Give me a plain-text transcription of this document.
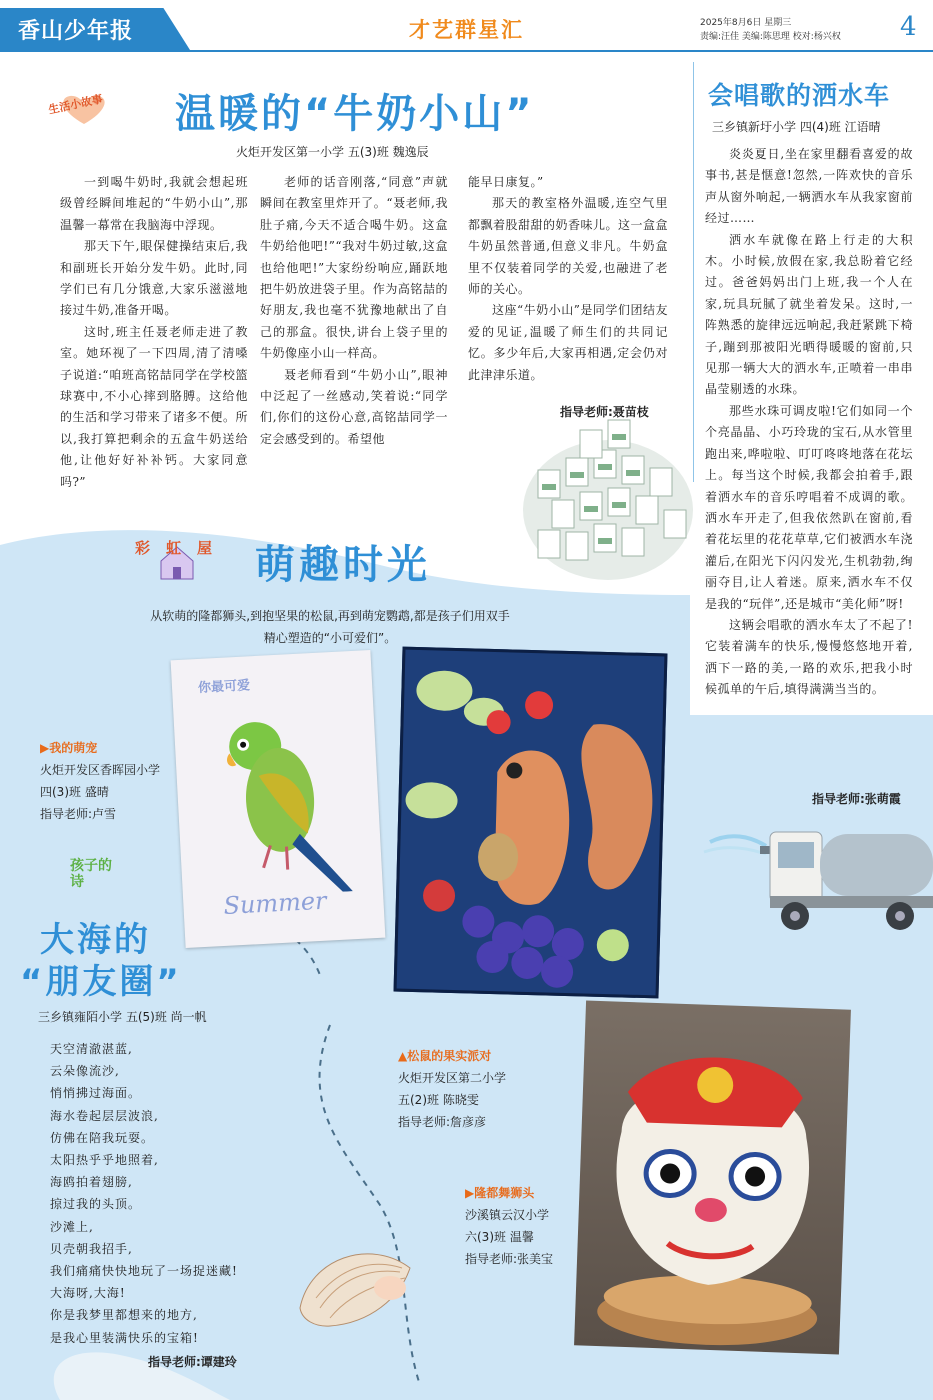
香山少年报	才艺群星汇	2025年8月6日 星期三
责编:汪佳 美编:陈思理 校对:杨兴权 4
生活小故事 温暖的“牛奶小山”
火炬开发区第一小学 五(3)班 魏逸辰

一到喝牛奶时,我就会想起班级曾经瞬间堆起的“牛奶小山”,那温馨一幕常在我脑海中浮现。

那天下午,眼保健操结束后,我和副班长开始分发牛奶。此时,同学们已有几分饿意,大家乐滋滋地接过牛奶,准备开喝。

这时,班主任聂老师走进了教室。她环视了一下四周,清了清嗓子说道:“咱班高铭喆同学在学校篮球赛中,不小心摔到胳膊。这给他的生活和学习带来了诸多不便。所以,我打算把剩余的五盒牛奶送给他,让他好好补补钙。大家同意吗?”

老师的话音刚落,“同意”声就瞬间在教室里炸开了。“聂老师,我肚子痛,今天不适合喝牛奶。这盒牛奶给他吧!”“我对牛奶过敏,这盒也给他吧!”大家纷纷响应,踊跃地把牛奶放进袋子里。作为高铭喆的好朋友,我也毫不犹豫地献出了自己的那盒。很快,讲台上袋子里的牛奶像座小山一样高。

聂老师看到“牛奶小山”,眼神中泛起了一丝感动,笑着说:“同学们,你们的这份心意,高铭喆同学一定会感受到的。希望他

能早日康复。”

那天的教室格外温暖,连空气里都飘着股甜甜的奶香味儿。这一盒盒牛奶虽然普通,但意义非凡。牛奶盒里不仅装着同学的关爱,也融进了老师的关心。

这座“牛奶小山”是同学们团结友爱的见证,温暖了师生们的共同记忆。多少年后,大家再相遇,定会仍对此津津乐道。

指导老师:聂苗枝
会唱歌的洒水车
三乡镇新圩小学 四(4)班 江语晴

炎炎夏日,坐在家里翻看喜爱的故事书,甚是惬意!忽然,一阵欢快的音乐声从窗外响起,一辆洒水车从我家窗前经过……

洒水车就像在路上行走的大积木。小时候,放假在家,我总盼着它经过。爸爸妈妈出门上班,我一个人在家,玩具玩腻了就坐着发呆。这时,一阵熟悉的旋律远远响起,我赶紧跳下椅子,蹦到那被阳光晒得暖暖的窗前,只见那一辆大大的洒水车,正喷着一串串晶莹剔透的水珠。

那些水珠可调皮啦!它们如同一个个亮晶晶、小巧玲珑的宝石,从水管里跑出来,哗啦啦、叮叮咚咚地落在花坛上。每当这个时候,我都会拍着手,跟着洒水车的音乐哼唱着不成调的歌。洒水车开走了,但我依然趴在窗前,看着花坛里的花花草草,它们被洒水车浇灌后,在阳光下闪闪发光,生机勃勃,绚丽夺目,让人着迷。原来,洒水车不仅是我的“玩伴”,还是城市“美化师”呀!

这辆会唱歌的洒水车太了不起了!它装着满车的快乐,慢慢悠悠地开着,洒下一路的美,一路的欢乐,把我小时候孤单的午后,填得满满当当的。

指导老师:张萌霞
彩虹屋 萌趣时光
从软萌的隆都狮头,到抱坚果的松鼠,再到萌宠鹦鹉,都是孩子们用双手精心塑造的“小可爱们”。
你最可爱
Summer
▶我的萌宠
火炬开发区香晖园小学
四(3)班 盛晴
指导老师:卢雪
▲松鼠的果实派对
火炬开发区第二小学
五(2)班 陈晓雯
指导老师:詹彦彦
▶隆都舞狮头
沙溪镇云汉小学
六(3)班 温馨
指导老师:张美宝
孩子的诗
大海的
“朋友圈”
三乡镇雍陌小学 五(5)班 尚一帆
天空清澈湛蓝,
云朵像流沙,
悄悄拂过海面。
海水卷起层层波浪,
仿佛在陪我玩耍。
太阳热乎乎地照着,
海鸥拍着翅膀,
掠过我的头顶。
沙滩上,
贝壳朝我招手,
我们痛痛快快地玩了一场捉迷藏!
大海呀,大海!
你是我梦里都想来的地方,
是我心里装满快乐的宝箱!
指导老师:谭建玲
